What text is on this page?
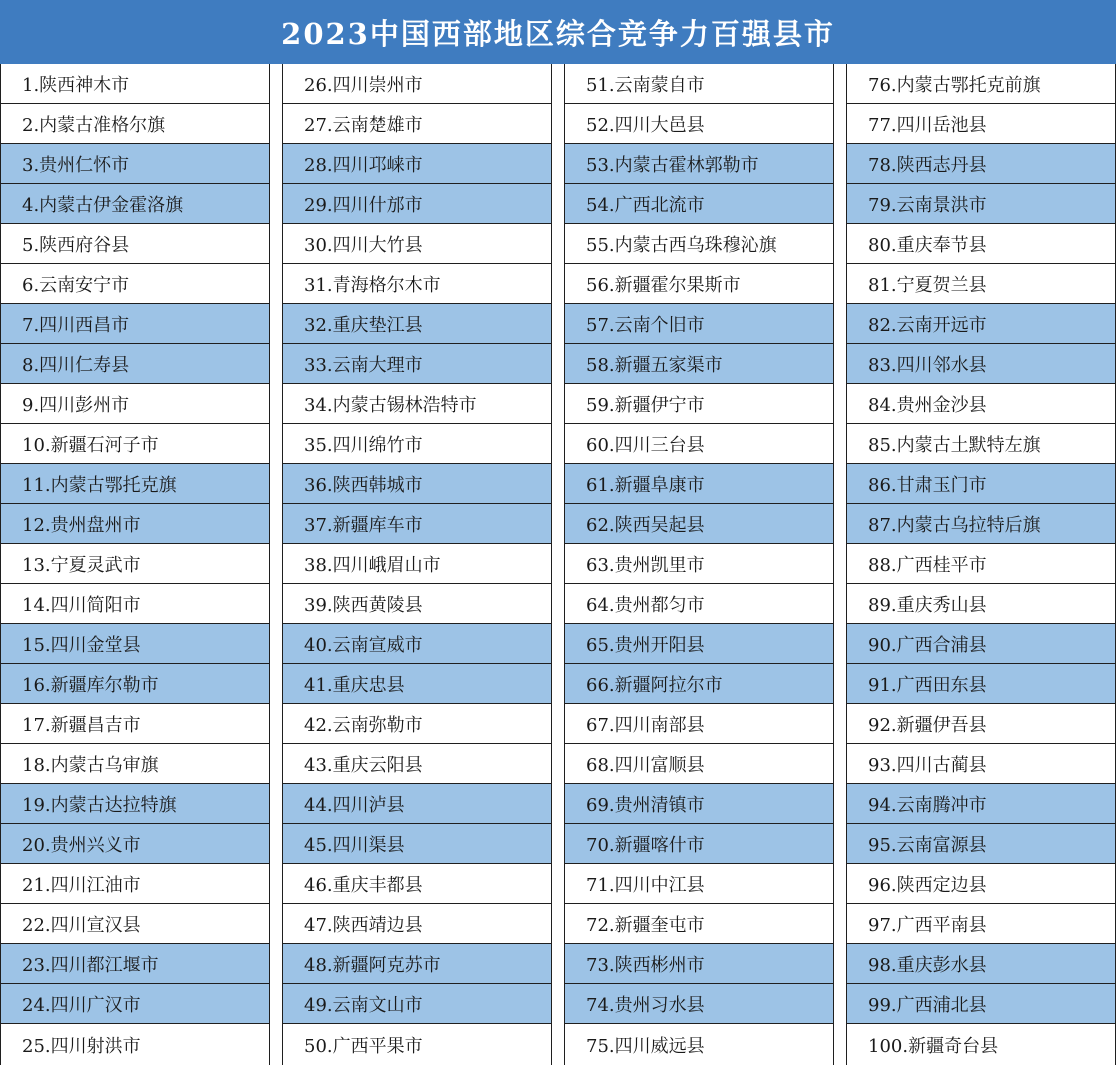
2023中国西部地区综合竞争力百强县市
1.陕西神木市
2.内蒙古准格尔旗
3.贵州仁怀市
4.内蒙古伊金霍洛旗
5.陕西府谷县
6.云南安宁市
7.四川西昌市
8.四川仁寿县
9.四川彭州市
10.新疆石河子市
11.内蒙古鄂托克旗
12.贵州盘州市
13.宁夏灵武市
14.四川简阳市
15.四川金堂县
16.新疆库尔勒市
17.新疆昌吉市
18.内蒙古乌审旗
19.内蒙古达拉特旗
20.贵州兴义市
21.四川江油市
22.四川宣汉县
23.四川都江堰市
24.四川广汉市
25.四川射洪市
26.四川崇州市
27.云南楚雄市
28.四川邛崃市
29.四川什邡市
30.四川大竹县
31.青海格尔木市
32.重庆垫江县
33.云南大理市
34.内蒙古锡林浩特市
35.四川绵竹市
36.陕西韩城市
37.新疆库车市
38.四川峨眉山市
39.陕西黄陵县
40.云南宣威市
41.重庆忠县
42.云南弥勒市
43.重庆云阳县
44.四川泸县
45.四川渠县
46.重庆丰都县
47.陕西靖边县
48.新疆阿克苏市
49.云南文山市
50.广西平果市
51.云南蒙自市
52.四川大邑县
53.内蒙古霍林郭勒市
54.广西北流市
55.内蒙古西乌珠穆沁旗
56.新疆霍尔果斯市
57.云南个旧市
58.新疆五家渠市
59.新疆伊宁市
60.四川三台县
61.新疆阜康市
62.陕西吴起县
63.贵州凯里市
64.贵州都匀市
65.贵州开阳县
66.新疆阿拉尔市
67.四川南部县
68.四川富顺县
69.贵州清镇市
70.新疆喀什市
71.四川中江县
72.新疆奎屯市
73.陕西彬州市
74.贵州习水县
75.四川威远县
76.内蒙古鄂托克前旗
77.四川岳池县
78.陕西志丹县
79.云南景洪市
80.重庆奉节县
81.宁夏贺兰县
82.云南开远市
83.四川邻水县
84.贵州金沙县
85.内蒙古土默特左旗
86.甘肃玉门市
87.内蒙古乌拉特后旗
88.广西桂平市
89.重庆秀山县
90.广西合浦县
91.广西田东县
92.新疆伊吾县
93.四川古蔺县
94.云南腾冲市
95.云南富源县
96.陕西定边县
97.广西平南县
98.重庆彭水县
99.广西浦北县
100.新疆奇台县
